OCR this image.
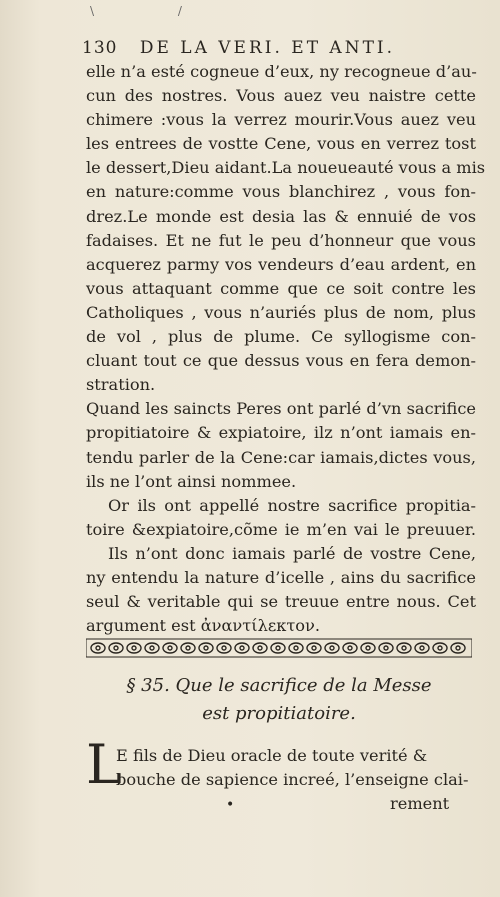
\	/
130 DE LA VERI. ET ANTI.
elle n’a esté cogneue d’eux, ny recogneue d’au-
cun des nostres. Vous auez veu naistre cette
chimere :vous la verrez mourir.Vous auez veu
les entrees de vostte Cene, vous en verrez tost
le dessert,Dieu aidant.La noueueauté vous a mis
en nature:comme vous blanchirez , vous fon-
drez.Le monde est desia las & ennuié de vos
fadaises. Et ne fut le peu d’honneur que vous
acquerez parmy vos vendeurs d’eau ardent, en
vous attaquant comme que ce soit contre les
Catholiques , vous n’auriés plus de nom, plus
de vol , plus de plume. Ce syllogisme con-
cluant tout ce que dessus vous en fera demon-
stration.
Quand les saincts Peres ont parlé d’vn sacrifice
propitiatoire & expiatoire, ilz n’ont iamais en-
tendu parler de la Cene:car iamais,dictes vous,
ils ne l’ont ainsi nommee.
Or ils ont appellé nostre sacrifice propitia-
toire &expiatoire,cõme ie m’en vai le preuuer.
Ils n’ont donc iamais parlé de vostre Cene,
ny entendu la nature d’icelle , ains du sacrifice
seul & veritable qui se treuue entre nous. Cet
argument est ἀναντίλεκτον.
§ 35. Que le sacrifice de la Messe
est propitiatoire.
L
E fils de Dieu oracle de toute verité &
bouche de sapience increé, l’enseigne clai-
rement
•
